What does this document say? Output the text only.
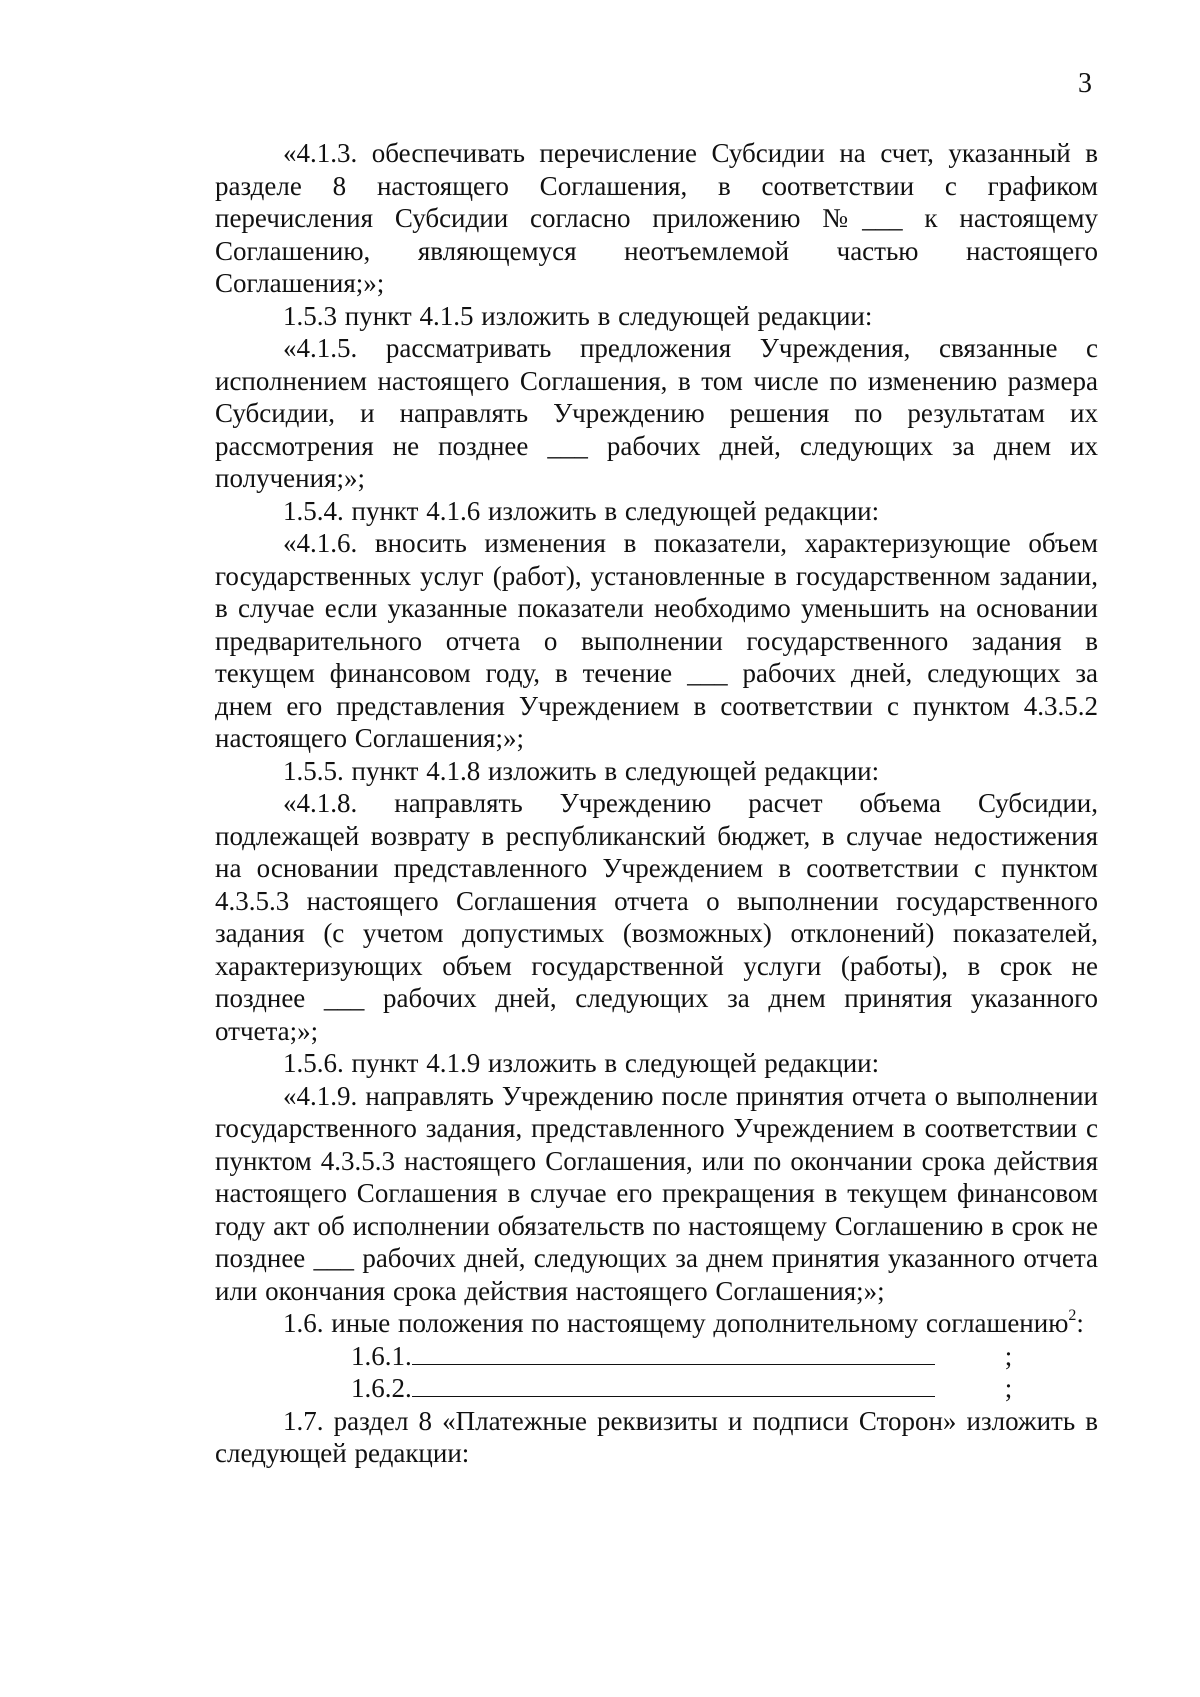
3

«4.1.3. обеспечивать перечисление Субсидии на счет, указанный в разделе 8 настоящего Соглашения, в соответствии с графиком перечисления Субсидии согласно приложению №___ к настоящему Соглашению, являющемуся неотъемлемой частью настоящего Соглашения;»;

1.5.3 пункт 4.1.5 изложить в следующей редакции:

«4.1.5. рассматривать предложения Учреждения, связанные с исполнением настоящего Соглашения, в том числе по изменению размера Субсидии, и направлять Учреждению решения по результатам их рассмотрения не позднее ___ рабочих дней, следующих за днем их получения;»;

1.5.4. пункт 4.1.6 изложить в следующей редакции:

«4.1.6. вносить изменения в показатели, характеризующие объем государственных услуг (работ), установленные в государственном задании, в случае если указанные показатели необходимо уменьшить на основании предварительного отчета о выполнении государственного задания в текущем финансовом году, в течение ___ рабочих дней, следующих за днем его представления Учреждением в соответствии с пунктом 4.3.5.2 настоящего Соглашения;»;

1.5.5. пункт 4.1.8 изложить в следующей редакции:

«4.1.8. направлять Учреждению расчет объема Субсидии, подлежащей возврату в республиканский бюджет, в случае недостижения на основании представленного Учреждением в соответствии с пунктом 4.3.5.3 настоящего Соглашения отчета о выполнении государственного задания (с учетом допустимых (возможных) отклонений) показателей, характеризующих объем государственной услуги (работы), в срок не позднее ___ рабочих дней, следующих за днем принятия указанного отчета;»;

1.5.6. пункт 4.1.9 изложить в следующей редакции:

«4.1.9. направлять Учреждению после принятия отчета о выполнении государственного задания, представленного Учреждением в соответствии с пунктом 4.3.5.3 настоящего Соглашения, или по окончании срока действия настоящего Соглашения в случае его прекращения в текущем финансовом году акт об исполнении обязательств по настоящему Соглашению в срок не позднее ___ рабочих дней, следующих за днем принятия указанного отчета или окончания срока действия настоящего Соглашения;»;

1.6. иные положения по настоящему дополнительному соглашению$^2$:

1.6.1.	;

1.6.2.	;

1.7. раздел 8 «Платежные реквизиты и подписи Сторон» изложить в следующей редакции:
